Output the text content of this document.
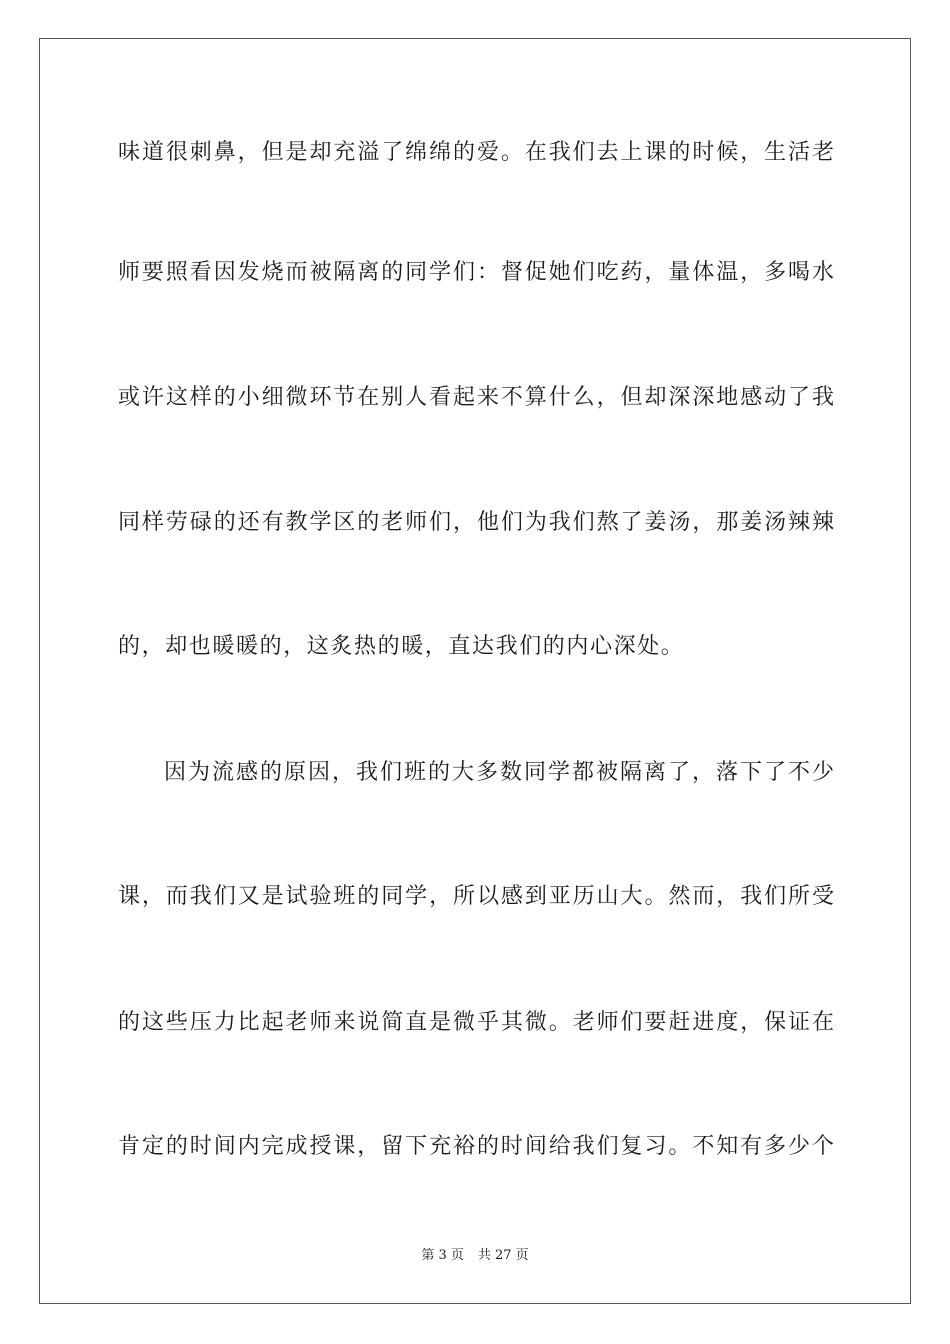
味道很刺鼻，但是却充溢了绵绵的爱。在我们去上课的时候，生活老
师要照看因发烧而被隔离的同学们：督促她们吃药，量体温，多喝水
或许这样的小细微环节在别人看起来不算什么，但却深深地感动了我
同样劳碌的还有教学区的老师们，他们为我们熬了姜汤，那姜汤辣辣
的，却也暖暖的，这炙热的暖，直达我们的内心深处。
因为流感的原因，我们班的大多数同学都被隔离了，落下了不少
课，而我们又是试验班的同学，所以感到亚历山大。然而，我们所受
的这些压力比起老师来说简直是微乎其微。老师们要赶进度，保证在
肯定的时间内完成授课，留下充裕的时间给我们复习。不知有多少个
第 3 页 共 27 页
